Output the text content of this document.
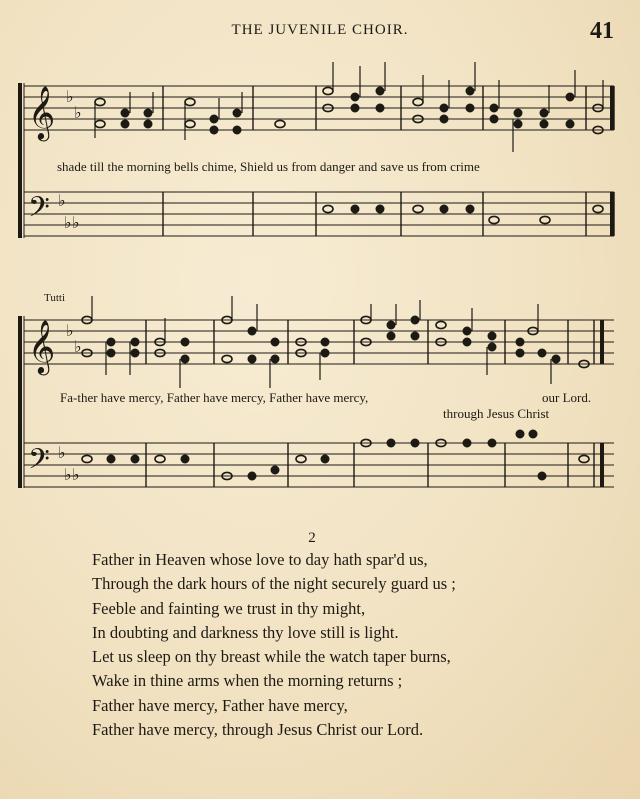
THE JUVENILE CHOIR.	41
𝄞
𝄢
♭
♭
♭
♭ ♭
shade till the morning bells chime, Shield us from danger and save us from crime
Tutti
𝄞
𝄢
♭
♭
♭
♭ ♭
Fa-ther have mercy, Father have mercy, Father have mercy,	our Lord.
through Jesus Christ
2
Father in Heaven whose love to day hath spar'd us,
Through the dark hours of the night securely guard us ;
Feeble and fainting we trust in thy might,
In doubting and darkness thy love still is light.
Let us sleep on thy breast while the watch taper burns,
Wake in thine arms when the morning returns ;
Father have mercy, Father have mercy,
Father have mercy, through Jesus Christ our Lord.
